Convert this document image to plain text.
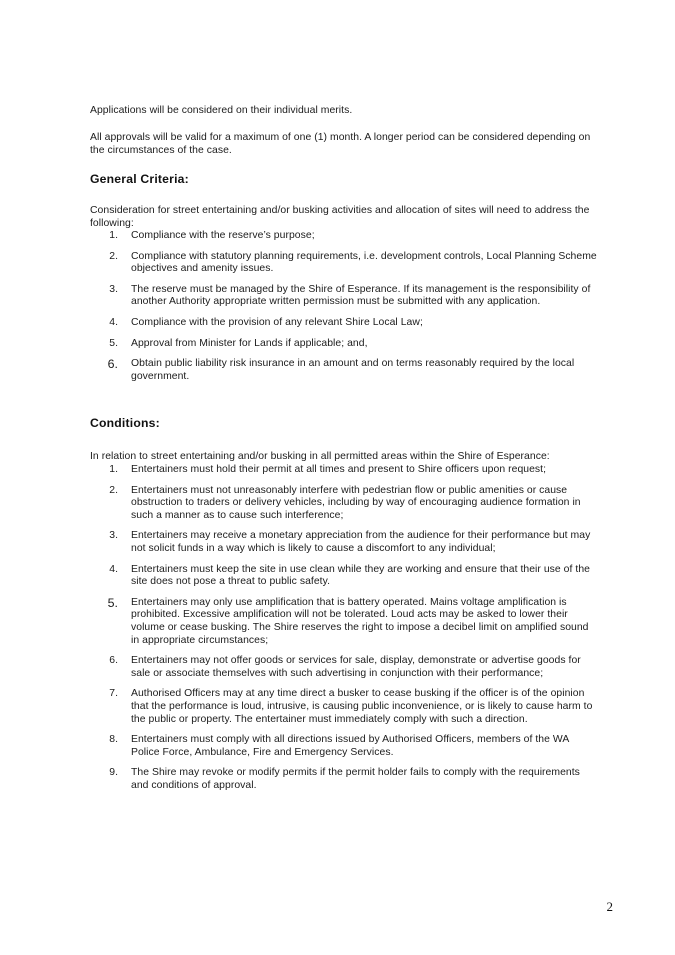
Applications will be considered on their individual merits.

All approvals will be valid for a maximum of one (1) month. A longer period can be considered depending on the circumstances of the case.

General Criteria:

Consideration for street entertaining and/or busking activities and allocation of sites will need to address the following:

1. Compliance with the reserve’s purpose;
2. Compliance with statutory planning requirements, i.e. development controls, Local Planning Scheme objectives and amenity issues.
3. The reserve must be managed by the Shire of Esperance. If its management is the responsibility of another Authority appropriate written permission must be submitted with any application.
4. Compliance with the provision of any relevant Shire Local Law;
5. Approval from Minister for Lands if applicable; and,
6. Obtain public liability risk insurance in an amount and on terms reasonably required by the local government.
Conditions:

In relation to street entertaining and/or busking in all permitted areas within the Shire of Esperance:

1. Entertainers must hold their permit at all times and present to Shire officers upon request;
2. Entertainers must not unreasonably interfere with pedestrian flow or public amenities or cause obstruction to traders or delivery vehicles, including by way of encouraging audience formation in such a manner as to cause such interference;
3. Entertainers may receive a monetary appreciation from the audience for their performance but may not solicit funds in a way which is likely to cause a discomfort to any individual;
4. Entertainers must keep the site in use clean while they are working and ensure that their use of the site does not pose a threat to public safety.
5. Entertainers may only use amplification that is battery operated. Mains voltage amplification is prohibited. Excessive amplification will not be tolerated. Loud acts may be asked to lower their volume or cease busking. The Shire reserves the right to impose a decibel limit on amplified sound in appropriate circumstances;
6. Entertainers may not offer goods or services for sale, display, demonstrate or advertise goods for sale or associate themselves with such advertising in conjunction with their performance;
7. Authorised Officers may at any time direct a busker to cease busking if the officer is of the opinion that the performance is loud, intrusive, is causing public inconvenience, or is likely to cause harm to the public or property. The entertainer must immediately comply with such a direction.
8. Entertainers must comply with all directions issued by Authorised Officers, members of the WA Police Force, Ambulance, Fire and Emergency Services.
9. The Shire may revoke or modify permits if the permit holder fails to comply with the requirements and conditions of approval.
2
